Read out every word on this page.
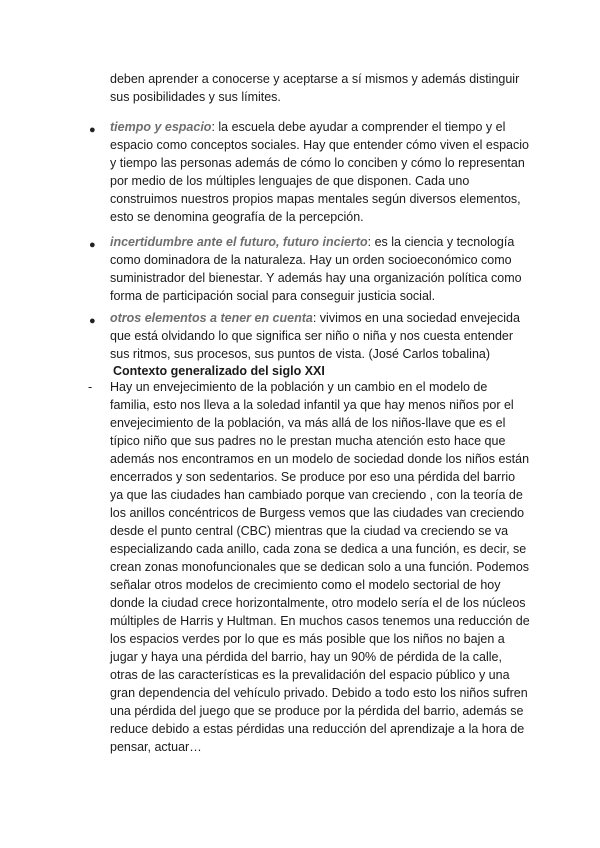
deben aprender a conocerse y aceptarse a sí mismos y además distinguir sus posibilidades y sus límites.

● tiempo y espacio: la escuela debe ayudar a comprender el tiempo y el espacio como conceptos sociales. Hay que entender cómo viven el espacio y tiempo las personas además de cómo lo conciben y cómo lo representan por medio de los múltiples lenguajes de que disponen. Cada uno construimos nuestros propios mapas mentales según diversos elementos, esto se denomina geografía de la percepción.

● incertidumbre ante el futuro, futuro incierto: es la ciencia y tecnología como dominadora de la naturaleza. Hay un orden socioeconómico como suministrador del bienestar. Y además hay una organización política como forma de participación social para conseguir justicia social.

● otros elementos a tener en cuenta: vivimos en una sociedad envejecida que está olvidando lo que significa ser niño o niña y nos cuesta entender sus ritmos, sus procesos, sus puntos de vista. (José Carlos tobalina)

Contexto generalizado del siglo XXI

- Hay un envejecimiento de la población y un cambio en el modelo de familia, esto nos lleva a la soledad infantil ya que hay menos niños por el envejecimiento de la población, va más allá de los niños-llave que es el típico niño que sus padres no le prestan mucha atención esto hace que además nos encontramos en un modelo de sociedad donde los niños están encerrados y son sedentarios. Se produce por eso una pérdida del barrio ya que las ciudades han cambiado porque van creciendo , con la teoría de los anillos concéntricos de Burgess vemos que las ciudades van creciendo desde el punto central (CBC) mientras que la ciudad va creciendo se va especializando cada anillo, cada zona se dedica a una función, es decir, se crean zonas monofuncionales que se dedican solo a una función. Podemos señalar otros modelos de crecimiento como el modelo sectorial de hoy donde la ciudad crece horizontalmente, otro modelo sería el de los núcleos múltiples de Harris y Hultman. En muchos casos tenemos una reducción de los espacios verdes por lo que es más posible que los niños no bajen a jugar y haya una pérdida del barrio, hay un 90% de pérdida de la calle, otras de las características es la prevalidación del espacio público y una gran dependencia del vehículo privado. Debido a todo esto los niños sufren una pérdida del juego que se produce por la pérdida del barrio, además se reduce debido a estas pérdidas una reducción del aprendizaje a la hora de pensar, actuar…
